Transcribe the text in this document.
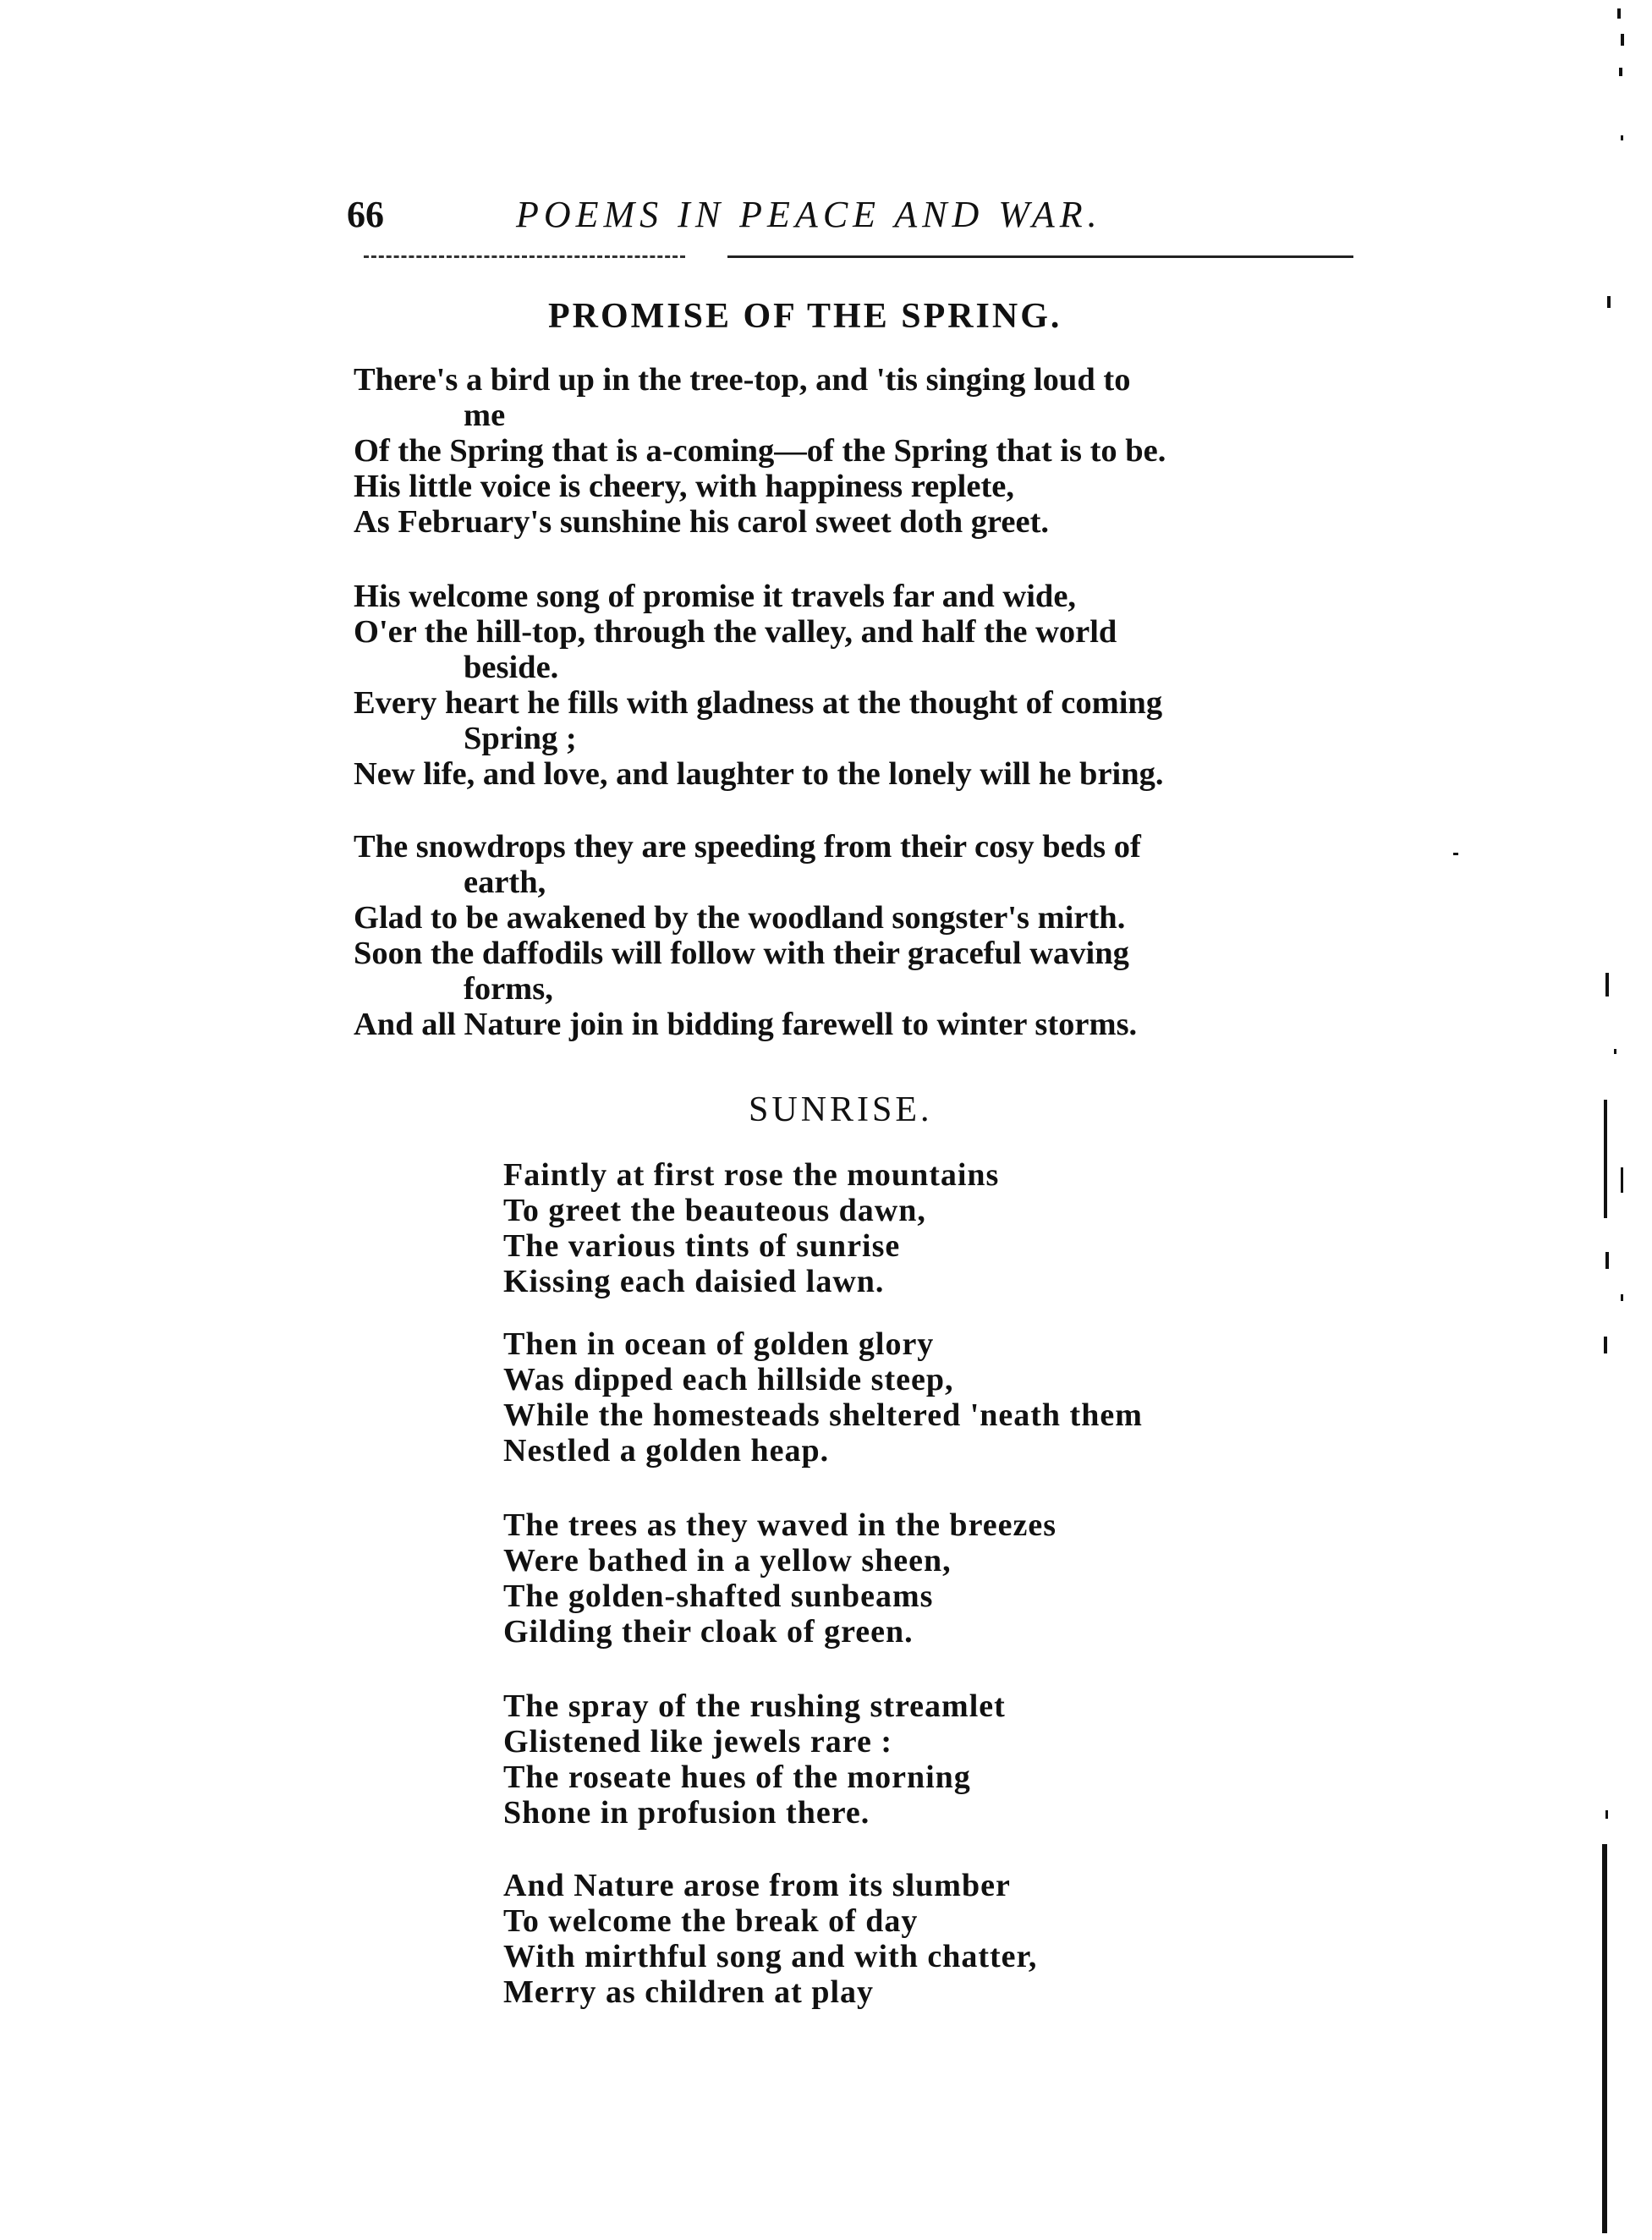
66	POEMS IN PEACE AND WAR.
PROMISE OF THE SPRING.
There's a bird up in the tree-top, and 'tis singing loud to
me
Of the Spring that is a-coming—of the Spring that is to be.
His little voice is cheery, with happiness replete,
As February's sunshine his carol sweet doth greet.
His welcome song of promise it travels far and wide,
O'er the hill-top, through the valley, and half the world
beside.
Every heart he fills with gladness at the thought of coming
Spring ;
New life, and love, and laughter to the lonely will he bring.
The snowdrops they are speeding from their cosy beds of
earth,
Glad to be awakened by the woodland songster's mirth.
Soon the daffodils will follow with their graceful waving
forms,
And all Nature join in bidding farewell to winter storms.
SUNRISE.
Faintly at first rose the mountains
To greet the beauteous dawn,
The various tints of sunrise
Kissing each daisied lawn.
Then in ocean of golden glory
Was dipped each hillside steep,
While the homesteads sheltered 'neath them
Nestled a golden heap.
The trees as they waved in the breezes
Were bathed in a yellow sheen,
The golden-shafted sunbeams
Gilding their cloak of green.
The spray of the rushing streamlet
Glistened like jewels rare :
The roseate hues of the morning
Shone in profusion there.
And Nature arose from its slumber
To welcome the break of day
With mirthful song and with chatter,
Merry as children at play
